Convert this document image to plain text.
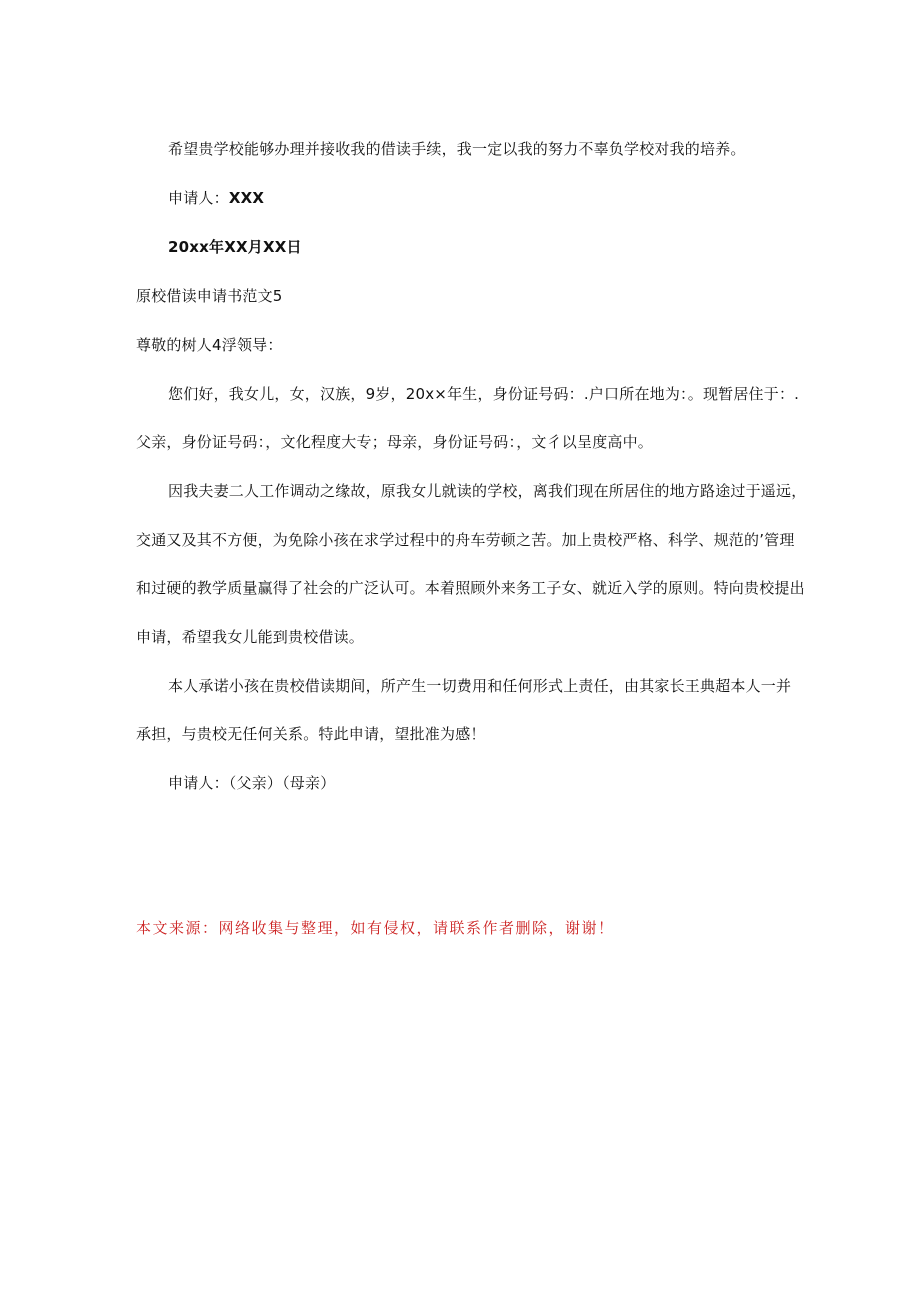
希望贵学校能够办理并接收我的借读手续，我一定以我的努力不辜负学校对我的培养。
申请人：XXX
20xx年XX月XX日
原校借读申请书范文5
尊敬的树人4浮领导：
您们好，我女儿，女，汉族，9岁，20x×年生，身份证号码：.户口所在地为：。现暂居住于：.
父亲，身份证号码：，文化程度大专；母亲，身份证号码：，文彳以呈度高中。
因我夫妻二人工作调动之缘故，原我女儿就读的学校，离我们现在所居住的地方路途过于遥远，
交通又及其不方便，为免除小孩在求学过程中的舟车劳顿之苦。加上贵校严格、科学、规范的’管理
和过硬的教学质量赢得了社会的广泛认可。本着照顾外来务工子女、就近入学的原则。特向贵校提出
申请，希望我女儿能到贵校借读。
本人承诺小孩在贵校借读期间，所产生一切费用和任何形式上责任，由其家长王典超本人一并
承担，与贵校无任何关系。特此申请，望批准为感！
申请人：（父亲）（母亲）
本文来源：网络收集与整理，如有侵权，请联系作者删除，谢谢！
